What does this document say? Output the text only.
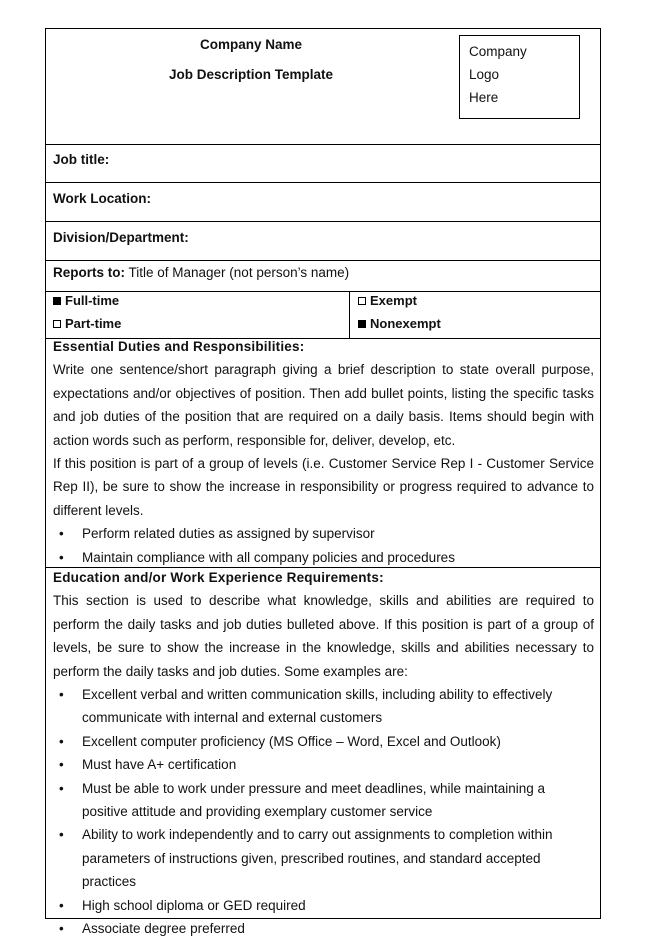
Company Name
Job Description Template
Company
Logo
Here
Job title:
Work Location:
Division/Department:
Reports to: Title of Manager (not person’s name)
Full-time
Part-time
Exempt
Nonexempt
Essential Duties and Responsibilities:
Write one sentence/short paragraph giving a brief description to state overall purpose, expectations and/or objectives of position. Then add bullet points, listing the specific tasks and job duties of the position that are required on a daily basis. Items should begin with action words such as perform, responsible for, deliver, develop, etc.
If this position is part of a group of levels (i.e. Customer Service Rep I - Customer Service Rep II), be sure to show the increase in responsibility or progress required to advance to different levels.
• Perform related duties as assigned by supervisor
• Maintain compliance with all company policies and procedures
Education and/or Work Experience Requirements:
This section is used to describe what knowledge, skills and abilities are required to perform the daily tasks and job duties bulleted above. If this position is part of a group of levels, be sure to show the increase in the knowledge, skills and abilities necessary to perform the daily tasks and job duties. Some examples are:
• Excellent verbal and written communication skills, including ability to effectively communicate with internal and external customers
• Excellent computer proficiency (MS Office – Word, Excel and Outlook)
• Must have A+ certification
• Must be able to work under pressure and meet deadlines, while maintaining a positive attitude and providing exemplary customer service
• Ability to work independently and to carry out assignments to completion within parameters of instructions given, prescribed routines, and standard accepted practices
• High school diploma or GED required
• Associate degree preferred
